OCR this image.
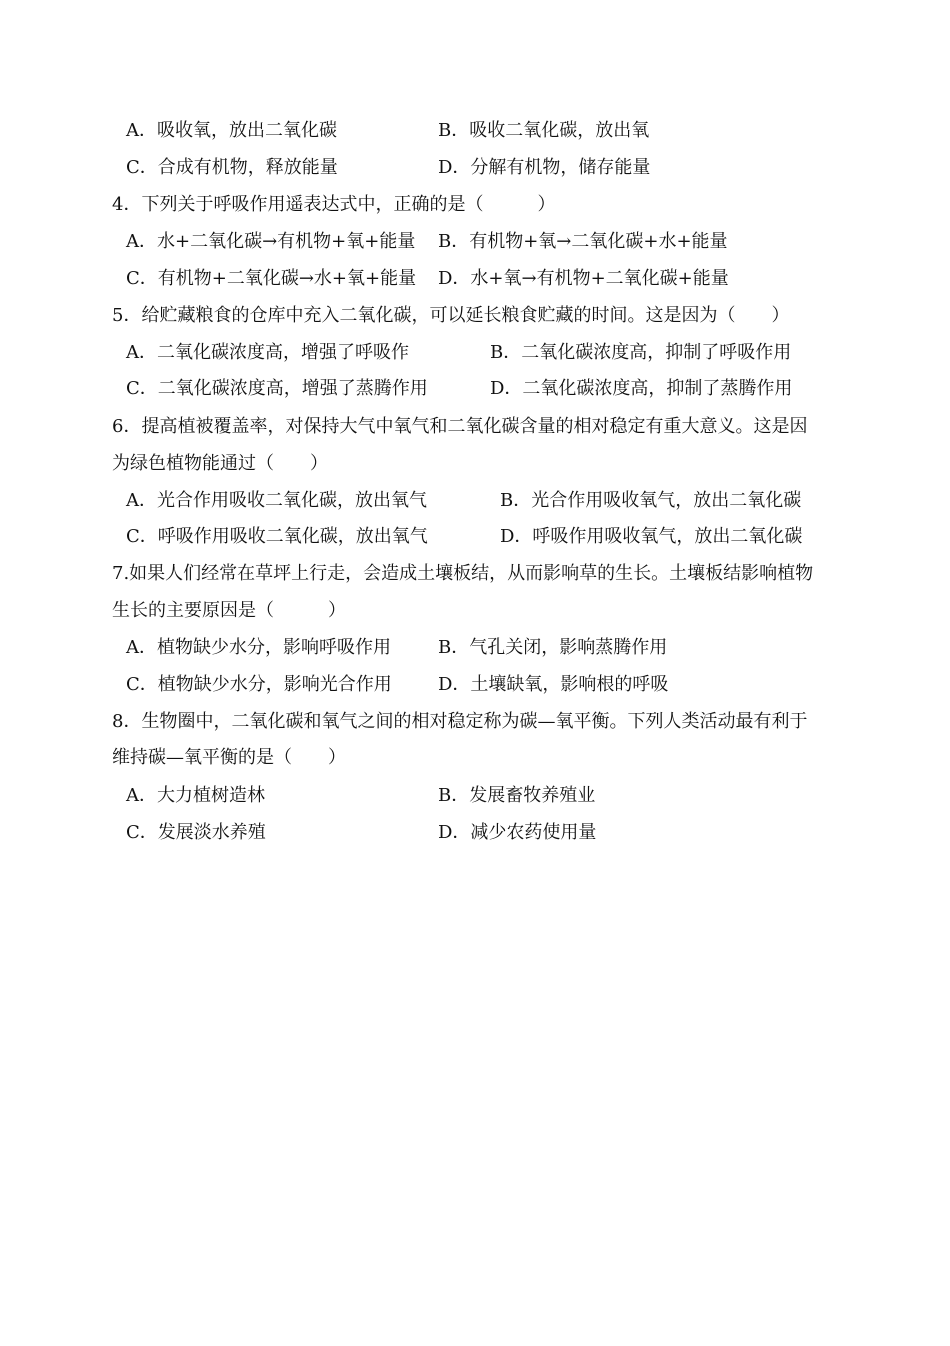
A．吸收氧，放出二氧化碳	B．吸收二氧化碳，放出氧
C．合成有机物，释放能量	D．分解有机物，储存能量
4．下列关于呼吸作用遥表达式中，正确的是（　　　）
A．水+二氧化碳→有机物+氧+能量 B．有机物+氧→二氧化碳+水+能量
C．有机物+二氧化碳→水+氧+能量 D．水+氧→有机物+二氧化碳+能量
5．给贮藏粮食的仓库中充入二氧化碳，可以延长粮食贮藏的时间。这是因为（　　）
A．二氧化碳浓度高，增强了呼吸作	B．二氧化碳浓度高，抑制了呼吸作用
C．二氧化碳浓度高，增强了蒸腾作用	D．二氧化碳浓度高，抑制了蒸腾作用
6．提高植被覆盖率，对保持大气中氧气和二氧化碳含量的相对稳定有重大意义。这是因
为绿色植物能通过（　　）
A．光合作用吸收二氧化碳，放出氧气	B．光合作用吸收氧气，放出二氧化碳
C．呼吸作用吸收二氧化碳，放出氧气	D．呼吸作用吸收氧气，放出二氧化碳
7.如果人们经常在草坪上行走，会造成土壤板结，从而影响草的生长。土壤板结影响植物
生长的主要原因是（　　　）
A．植物缺少水分，影响呼吸作用	B．气孔关闭，影响蒸腾作用
C．植物缺少水分，影响光合作用	D．土壤缺氧，影响根的呼吸
8．生物圈中，二氧化碳和氧气之间的相对稳定称为碳—氧平衡。下列人类活动最有利于
维持碳—氧平衡的是（　　）
A．大力植树造林	B．发展畜牧养殖业
C．发展淡水养殖	D．减少农药使用量
